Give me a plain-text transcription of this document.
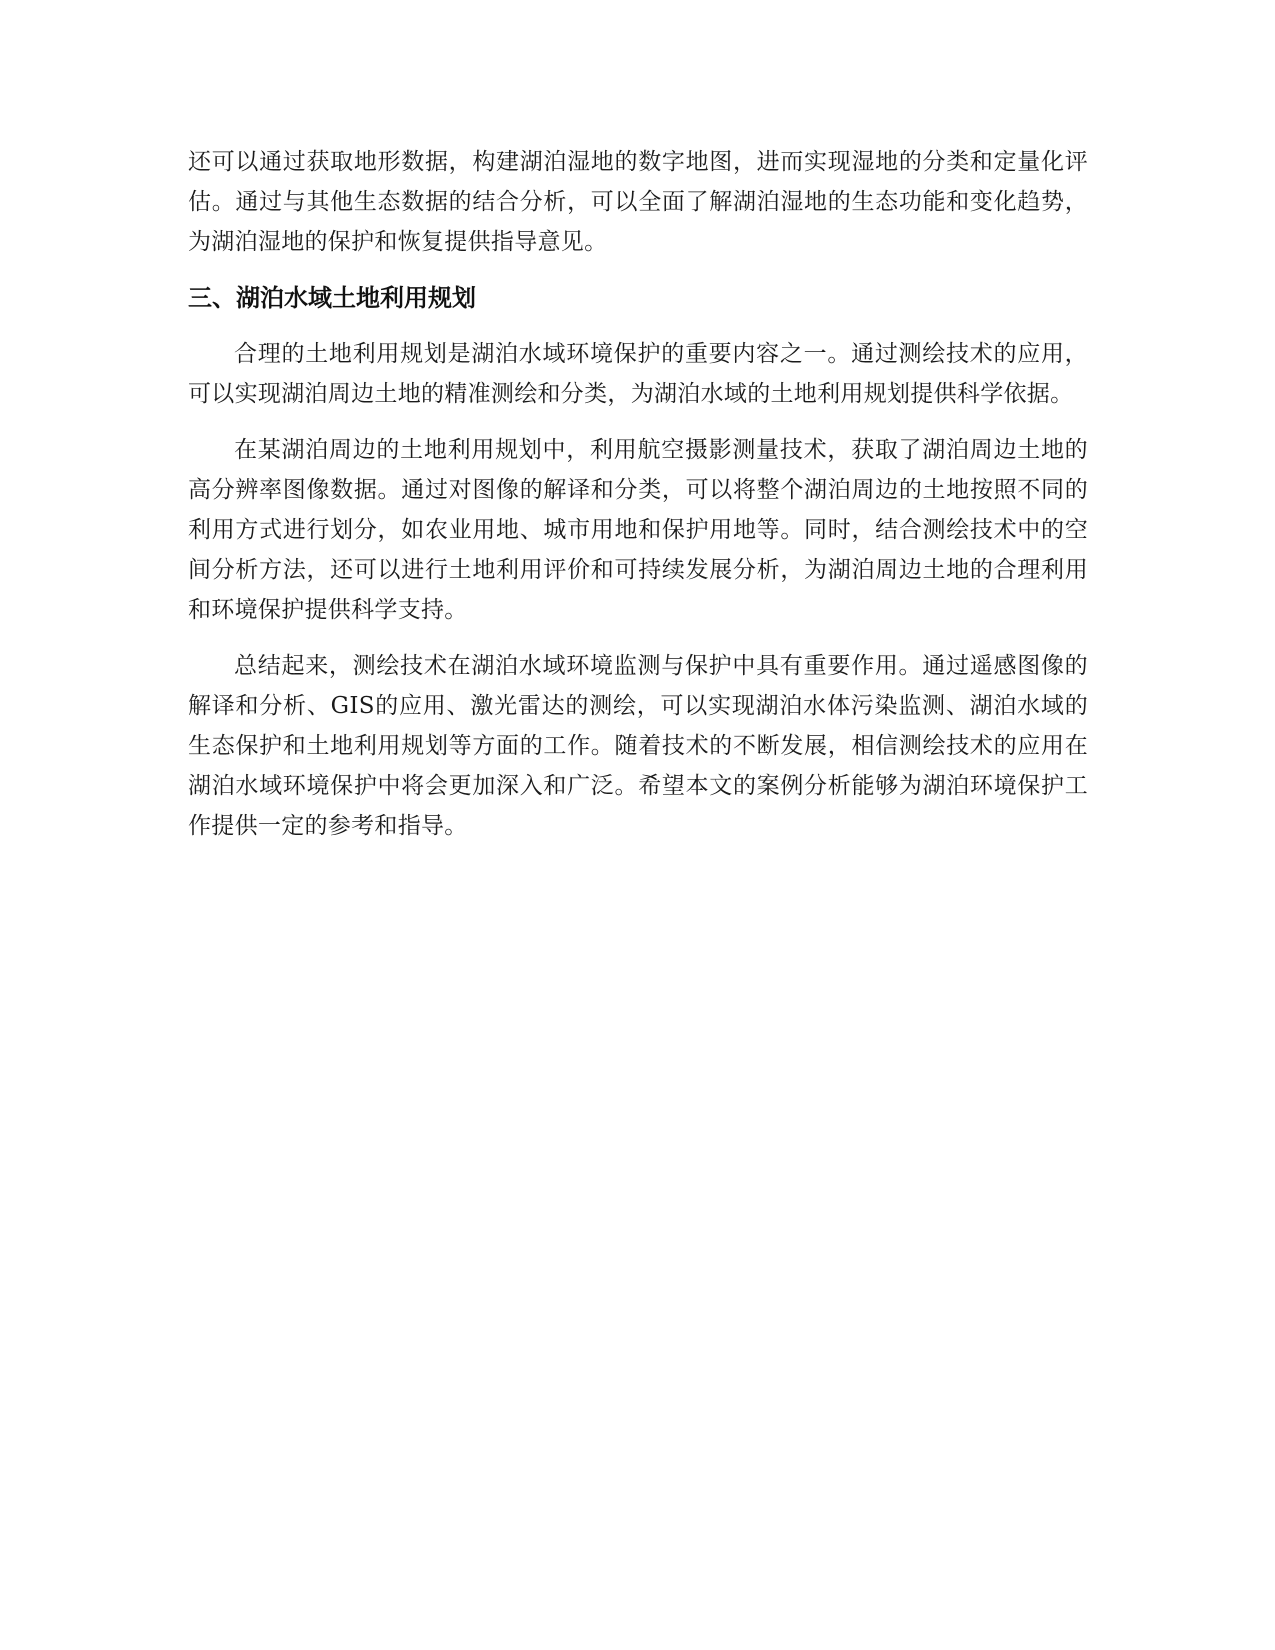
还可以通过获取地形数据，构建湖泊湿地的数字地图，进而实现湿地的分类和定量化评估。通过与其他生态数据的结合分析，可以全面了解湖泊湿地的生态功能和变化趋势，为湖泊湿地的保护和恢复提供指导意见。

三、湖泊水域土地利用规划

合理的土地利用规划是湖泊水域环境保护的重要内容之一。通过测绘技术的应用，可以实现湖泊周边土地的精准测绘和分类，为湖泊水域的土地利用规划提供科学依据。

在某湖泊周边的土地利用规划中，利用航空摄影测量技术，获取了湖泊周边土地的高分辨率图像数据。通过对图像的解译和分类，可以将整个湖泊周边的土地按照不同的利用方式进行划分，如农业用地、城市用地和保护用地等。同时，结合测绘技术中的空间分析方法，还可以进行土地利用评价和可持续发展分析，为湖泊周边土地的合理利用和环境保护提供科学支持。

总结起来，测绘技术在湖泊水域环境监测与保护中具有重要作用。通过遥感图像的解译和分析、GIS的应用、激光雷达的测绘，可以实现湖泊水体污染监测、湖泊水域的生态保护和土地利用规划等方面的工作。随着技术的不断发展，相信测绘技术的应用在湖泊水域环境保护中将会更加深入和广泛。希望本文的案例分析能够为湖泊环境保护工作提供一定的参考和指导。
